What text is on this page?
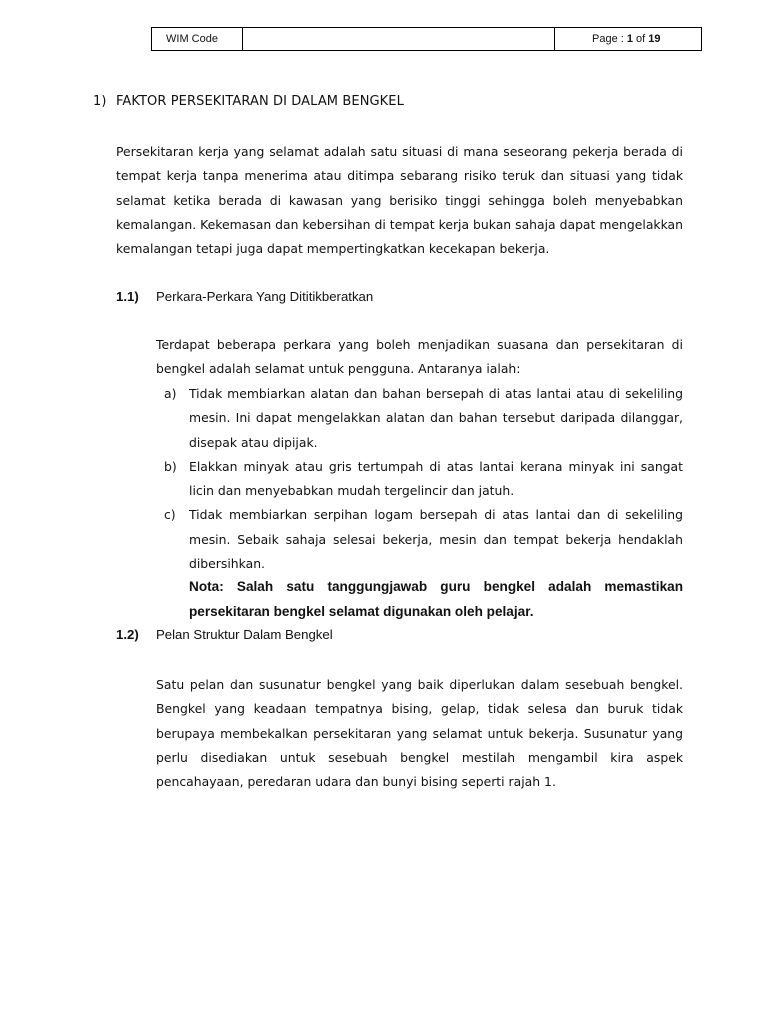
WIM Code		Page : 1 of 19
1) FAKTOR PERSEKITARAN DI DALAM BENGKEL
Persekitaran kerja yang selamat adalah satu situasi di mana seseorang pekerja berada di tempat kerja tanpa menerima atau ditimpa sebarang risiko teruk dan situasi yang tidak selamat ketika berada di kawasan yang berisiko tinggi sehingga boleh menyebabkan kemalangan. Kekemasan dan kebersihan di tempat kerja bukan sahaja dapat mengelakkan kemalangan tetapi juga dapat mempertingkatkan kecekapan bekerja.
1.1) Perkara-Perkara Yang Dititikberatkan
Terdapat beberapa perkara yang boleh menjadikan suasana dan persekitaran di bengkel adalah selamat untuk pengguna. Antaranya ialah:
a) Tidak membiarkan alatan dan bahan bersepah di atas lantai atau di sekeliling mesin. Ini dapat mengelakkan alatan dan bahan tersebut daripada dilanggar, disepak atau dipijak.
b) Elakkan minyak atau gris tertumpah di atas lantai kerana minyak ini sangat licin dan menyebabkan mudah tergelincir dan jatuh.
c) Tidak membiarkan serpihan logam bersepah di atas lantai dan di sekeliling mesin. Sebaik sahaja selesai bekerja, mesin dan tempat bekerja hendaklah dibersihkan.
Nota: Salah satu tanggungjawab guru bengkel adalah memastikan persekitaran bengkel selamat digunakan oleh pelajar.
1.2) Pelan Struktur Dalam Bengkel
Satu pelan dan susunatur bengkel yang baik diperlukan dalam sesebuah bengkel. Bengkel yang keadaan tempatnya bising, gelap, tidak selesa dan buruk tidak berupaya membekalkan persekitaran yang selamat untuk bekerja. Susunatur yang perlu disediakan untuk sesebuah bengkel mestilah mengambil kira aspek pencahayaan, peredaran udara dan bunyi bising seperti rajah 1.
